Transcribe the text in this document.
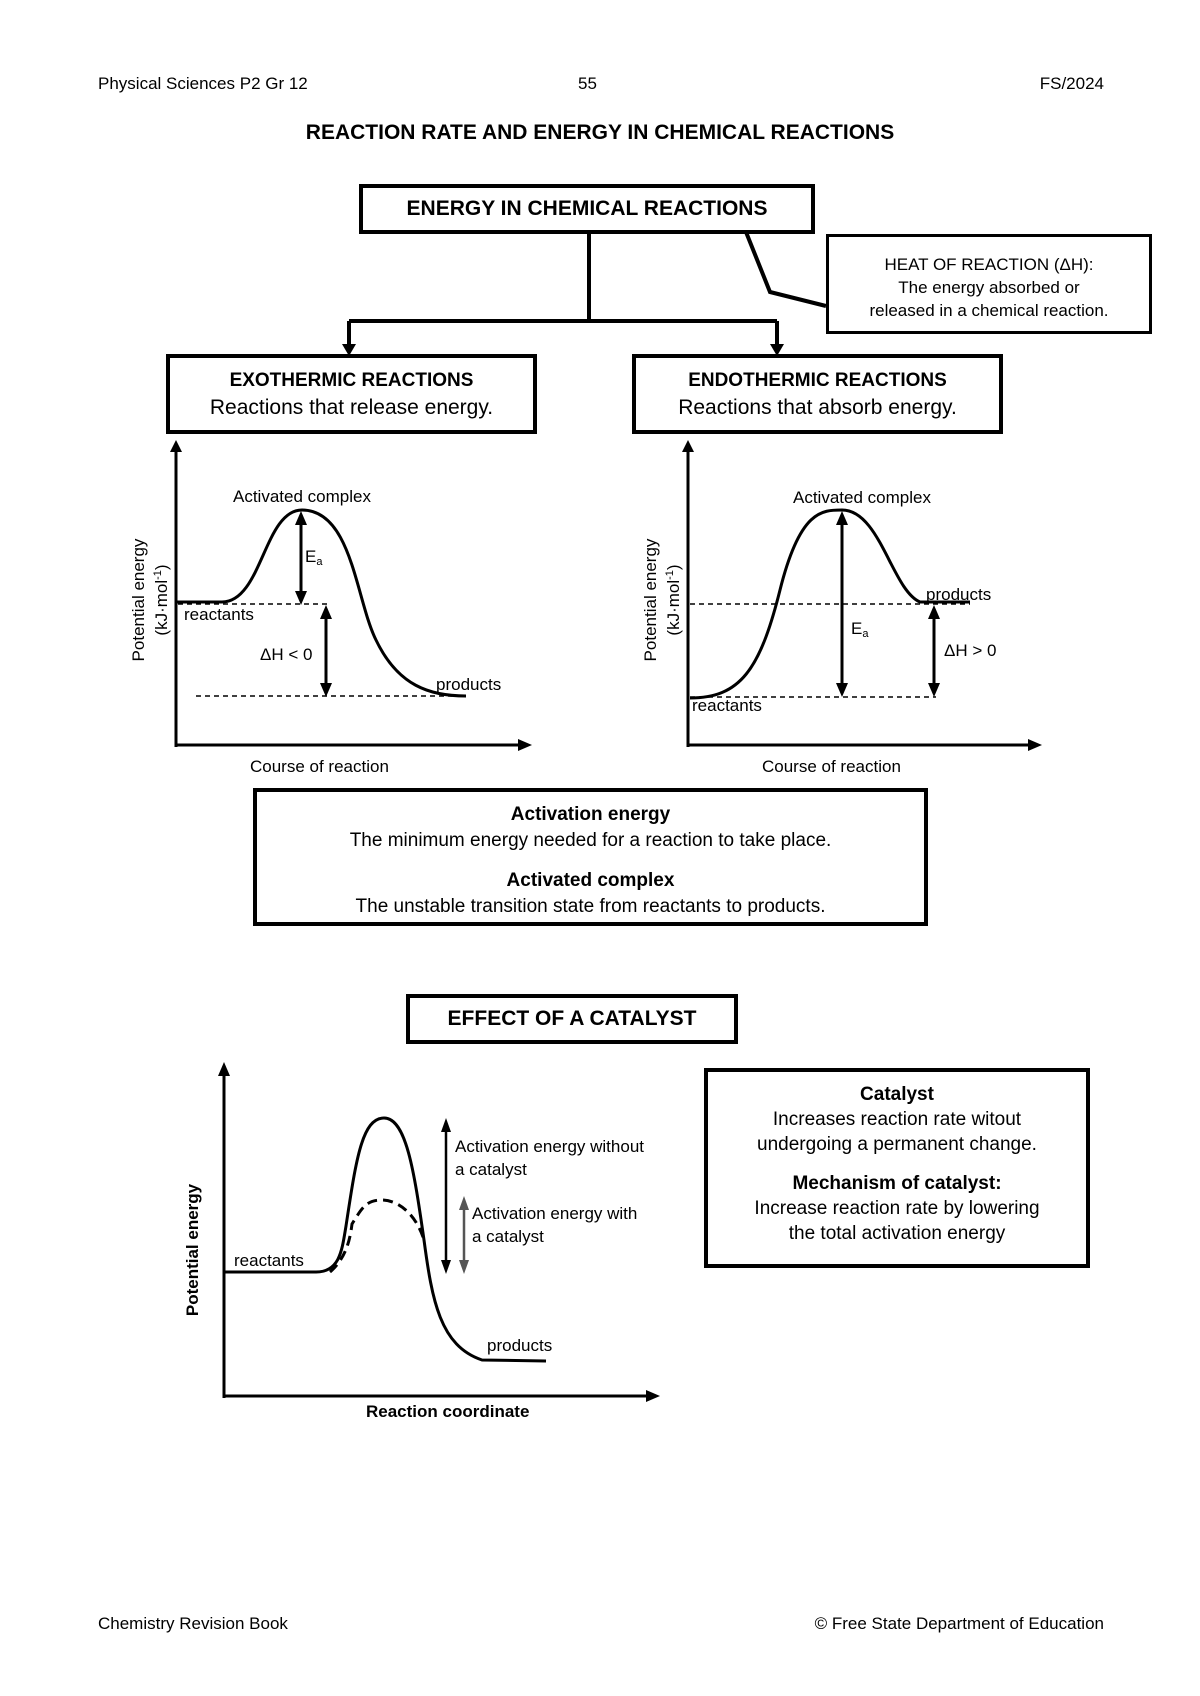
Physical Sciences P2 Gr 12	55	FS/2024
REACTION RATE AND ENERGY IN CHEMICAL REACTIONS
ENERGY IN CHEMICAL REACTIONS
HEAT OF REACTION (ΔH):
The energy absorbed or
released in a chemical reaction.
EXOTHERMIC REACTIONS
Reactions that release energy.
ENDOTHERMIC REACTIONS
Reactions that absorb energy.
Activated complex
Ea
reactants
ΔH < 0
products
Course of reaction
Potential energy (kJ·mol$^{-1}$)
Activated complex
Ea
products
ΔH > 0
reactants
Course of reaction
Potential energy (kJ·mol$^{-1}$)
Activation energy
The minimum energy needed for a reaction to take place.
Activated complex
The unstable transition state from reactants to products.
EFFECT OF A CATALYST
Activation energy without
a catalyst
Activation energy with
a catalyst
reactants
products
Reaction coordinate
Potential energy
Catalyst
Increases reaction rate witout
undergoing a permanent change.
Mechanism of catalyst:
Increase reaction rate by lowering
the total activation energy
Chemistry Revision Book	© Free State Department of Education
